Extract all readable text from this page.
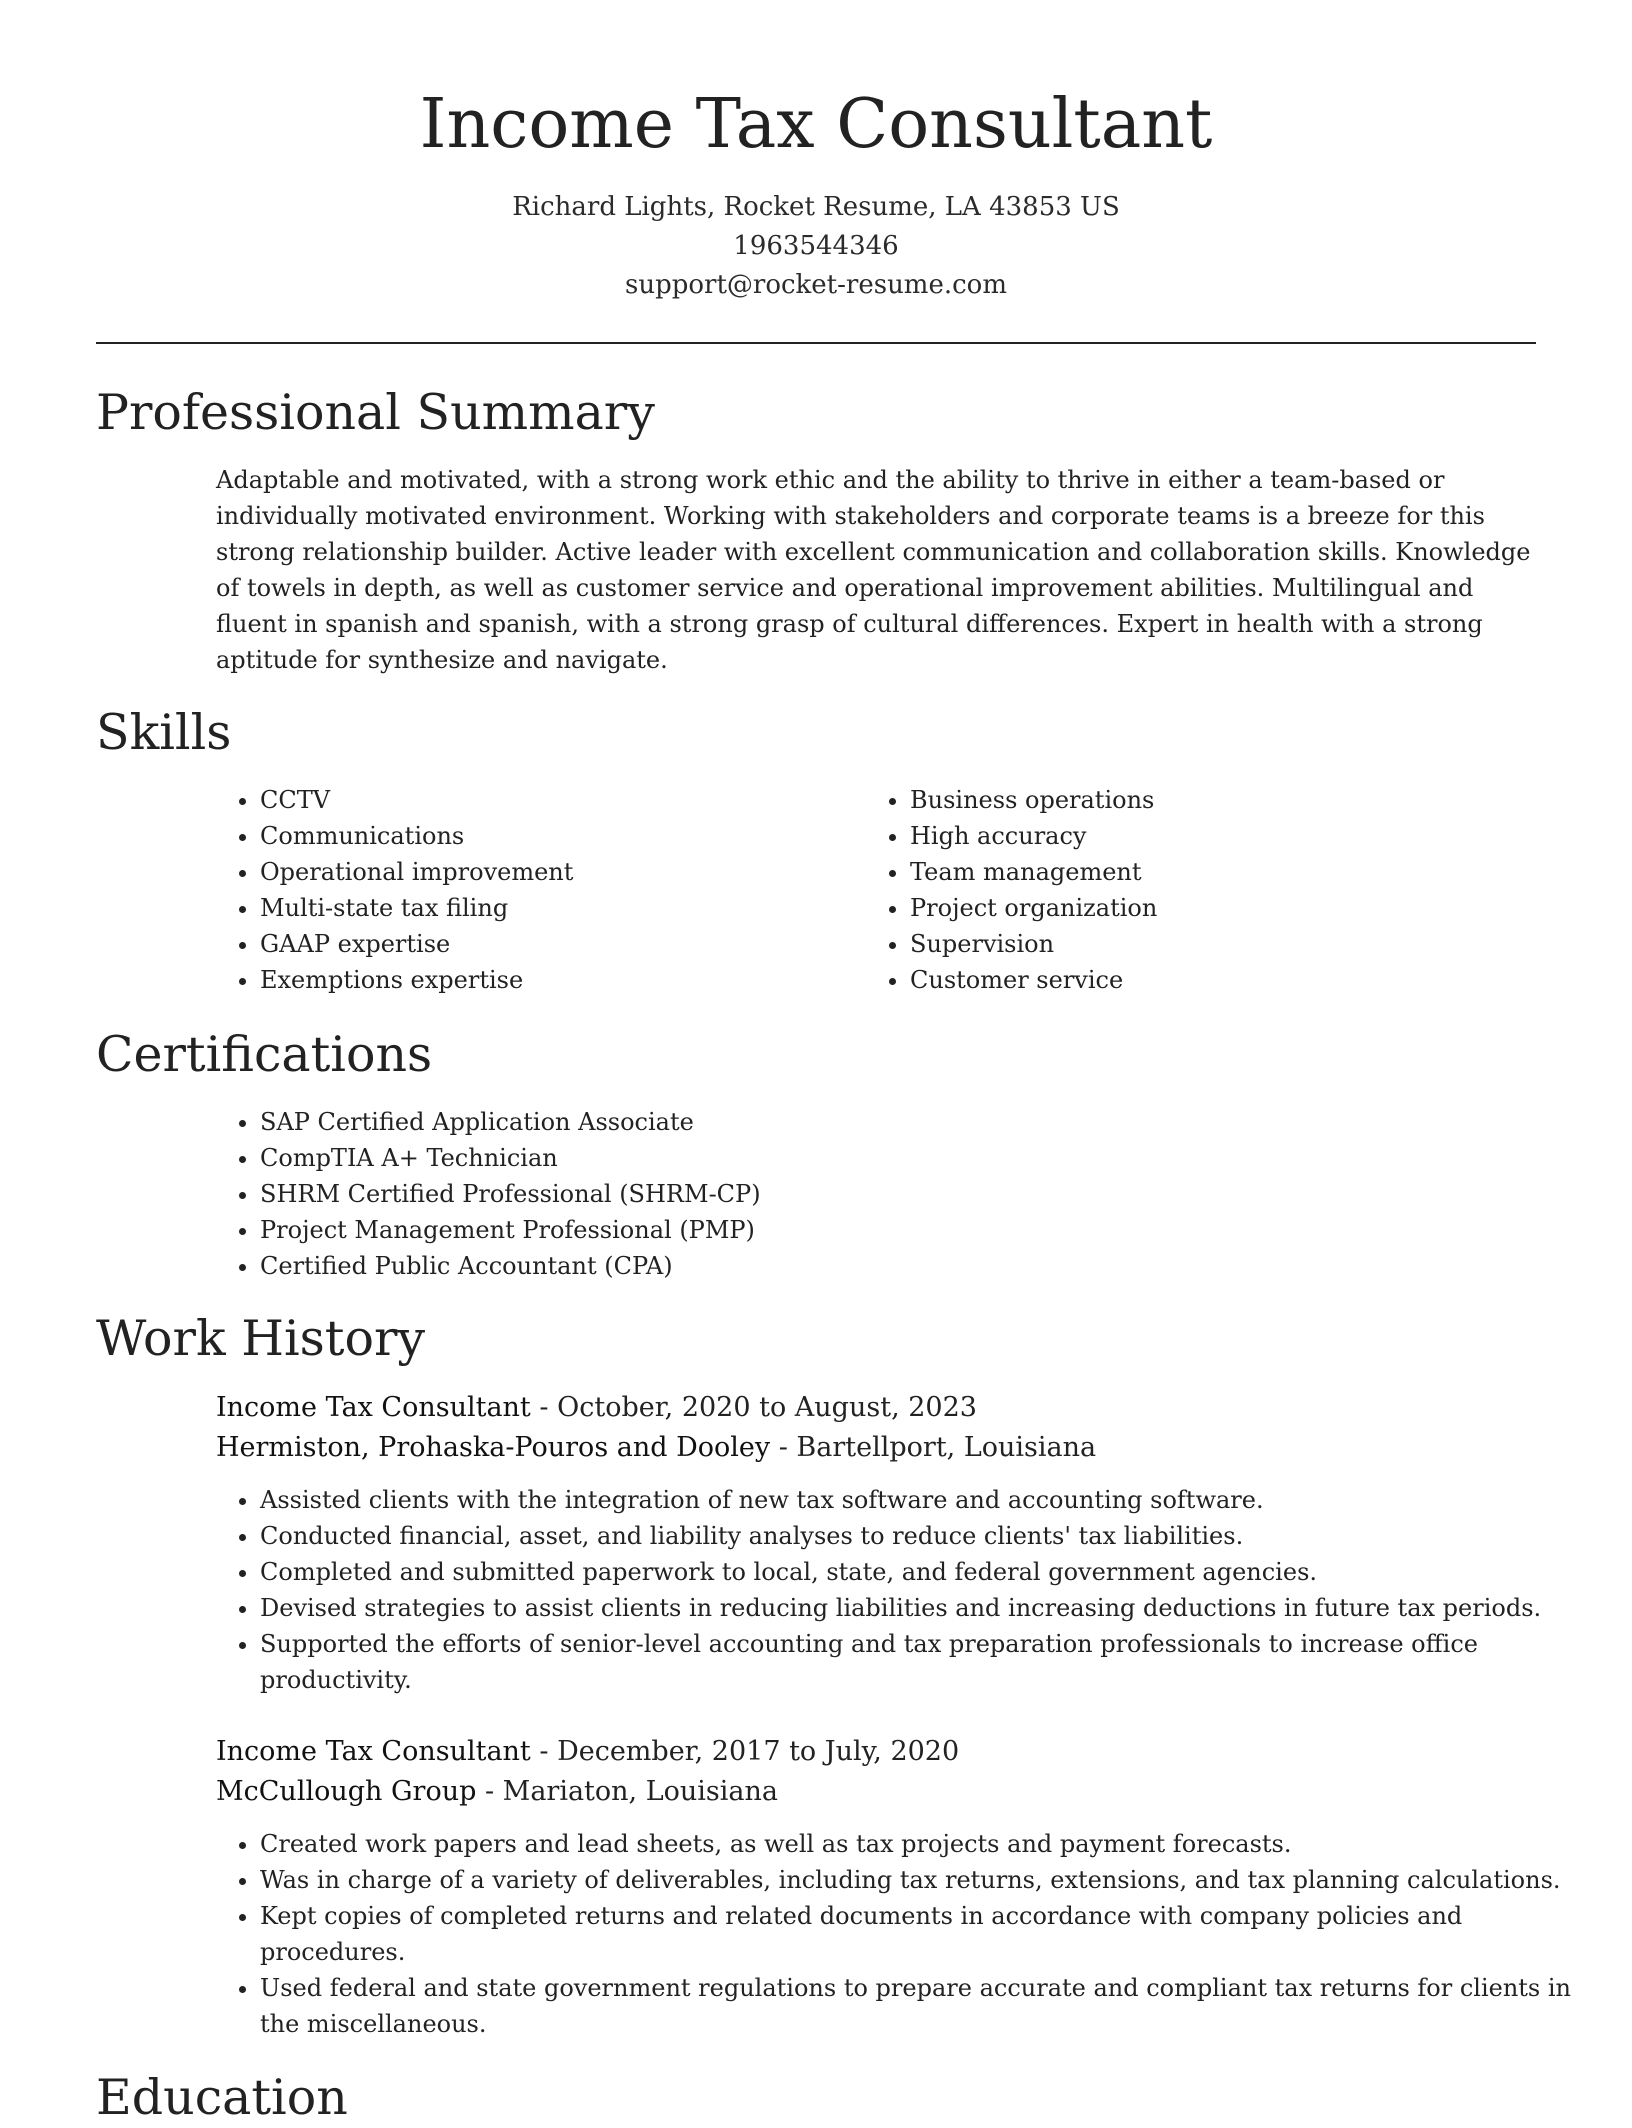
Income Tax Consultant
Richard Lights, Rocket Resume, LA 43853 US
1963544346
support@rocket-resume.com
Professional Summary

Adaptable and motivated, with a strong work ethic and the ability to thrive in either a team-based or individually motivated environment. Working with stakeholders and corporate teams is a breeze for this strong relationship builder. Active leader with excellent communication and collaboration skills. Knowledge of towels in depth, as well as customer service and operational improvement abilities. Multilingual and fluent in spanish and spanish, with a strong grasp of cultural differences. Expert in health with a strong aptitude for synthesize and navigate.

Skills
• CCTV
• Communications
• Operational improvement
• Multi-state tax filing
• GAAP expertise
• Exemptions expertise
• Business operations
• High accuracy
• Team management
• Project organization
• Supervision
• Customer service
Certifications
• SAP Certified Application Associate
• CompTIA A+ Technician
• SHRM Certified Professional (SHRM-CP)
• Project Management Professional (PMP)
• Certified Public Accountant (CPA)
Work History
Income Tax Consultant - October, 2020 to August, 2023
Hermiston, Prohaska-Pouros and Dooley - Bartellport, Louisiana
• Assisted clients with the integration of new tax software and accounting software.
• Conducted financial, asset, and liability analyses to reduce clients' tax liabilities.
• Completed and submitted paperwork to local, state, and federal government agencies.
• Devised strategies to assist clients in reducing liabilities and increasing deductions in future tax periods.
• Supported the efforts of senior-level accounting and tax preparation professionals to increase office productivity.
Income Tax Consultant - December, 2017 to July, 2020
McCullough Group - Mariaton, Louisiana
• Created work papers and lead sheets, as well as tax projects and payment forecasts.
• Was in charge of a variety of deliverables, including tax returns, extensions, and tax planning calculations.
• Kept copies of completed returns and related documents in accordance with company policies and procedures.
• Used federal and state government regulations to prepare accurate and compliant tax returns for clients in the miscellaneous.
Education
